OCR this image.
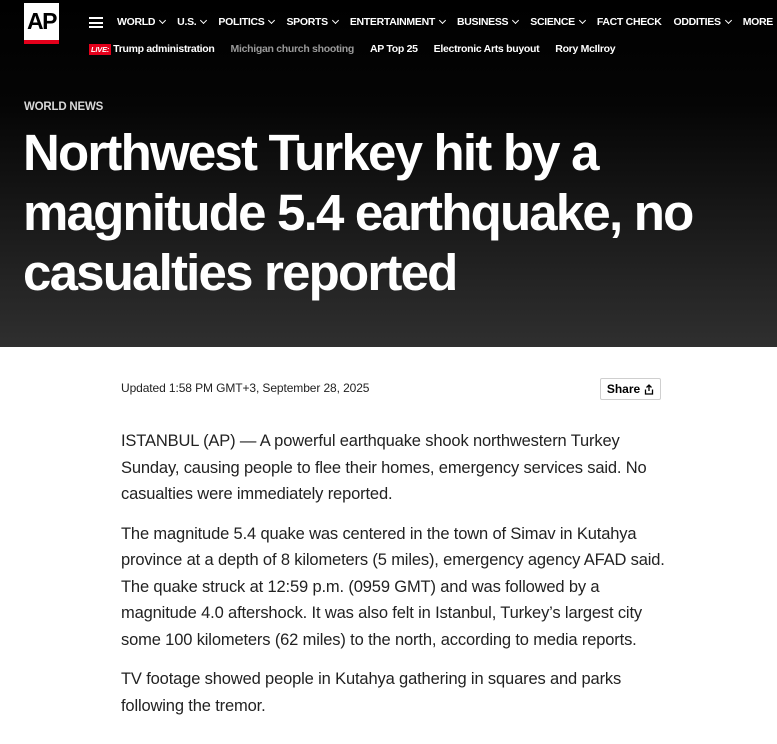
AP	WORLD U.S. POLITICS SPORTS ENTERTAINMENT BUSINESS SCIENCE FACT CHECK ODDITIES MORE
LIVE: Trump administration Michigan church shooting AP Top 25 Electronic Arts buyout Rory McIlroy
WORLD NEWS
Northwest Turkey hit by a magnitude 5.4 earthquake, no casualties reported
Updated 1:58 PM GMT+3, September 28, 2025	Share

ISTANBUL (AP) — A powerful earthquake shook northwestern Turkey Sunday, causing people to flee their homes, emergency services said. No casualties were immediately reported.

The magnitude 5.4 quake was centered in the town of Simav in Kutahya province at a depth of 8 kilometers (5 miles), emergency agency AFAD said. The quake struck at 12:59 p.m. (0959 GMT) and was followed by a magnitude 4.0 aftershock. It was also felt in Istanbul, Turkey’s largest city some 100 kilometers (62 miles) to the north, according to media reports.

TV footage showed people in Kutahya gathering in squares and parks following the tremor.
